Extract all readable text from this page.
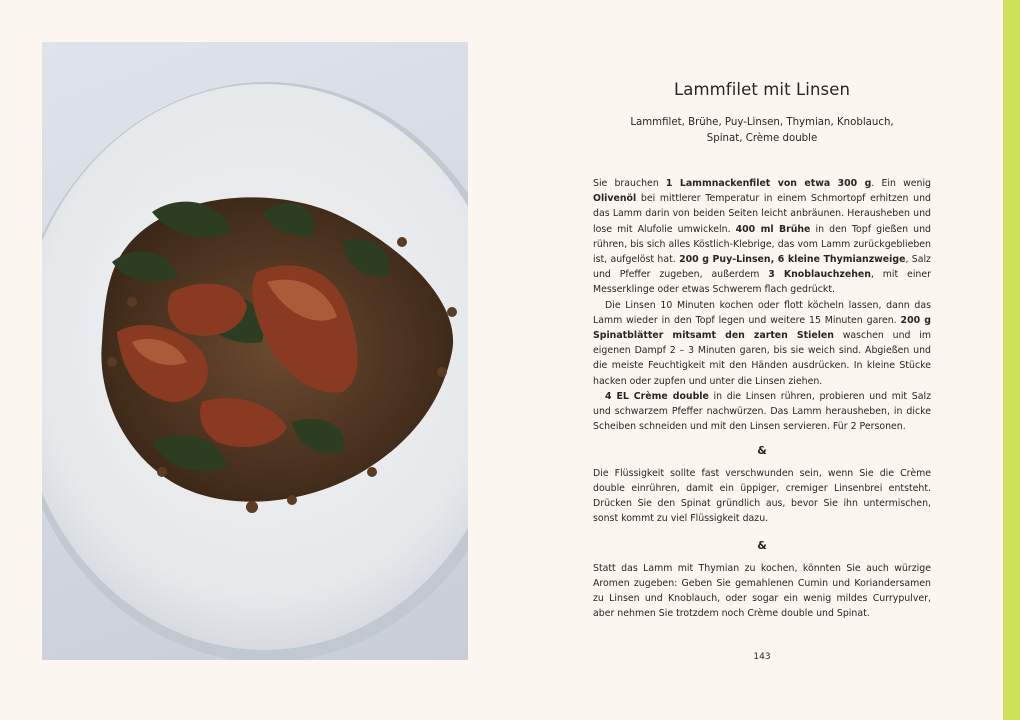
Lammfilet mit Linsen
Lammfilet, Brühe, Puy-Linsen, Thymian, Knoblauch,
Spinat, Crème double

Sie brauchen 1 Lammnackenfilet von etwa 300 g. Ein wenig Olivenöl bei mittlerer Temperatur in einem Schmortopf erhitzen und das Lamm darin von beiden Seiten leicht anbräunen. Herausheben und lose mit Alufolie umwickeln. 400 ml Brühe in den Topf gießen und rühren, bis sich alles Köstlich-Klebrige, das vom Lamm zurückgeblieben ist, aufgelöst hat. 200 g Puy-Linsen, 6 kleine Thymianzweige, Salz und Pfeffer zugeben, außerdem 3 Knoblauchzehen, mit einer Messerklinge oder etwas Schwerem flach gedrückt.

Die Linsen 10 Minuten kochen oder flott köcheln lassen, dann das Lamm wieder in den Topf legen und weitere 15 Minuten garen. 200 g Spinatblätter mitsamt den zarten Stielen waschen und im eigenen Dampf 2 – 3 Minuten garen, bis sie weich sind. Abgießen und die meiste Feuchtigkeit mit den Händen ausdrücken. In kleine Stücke hacken oder zupfen und unter die Linsen ziehen.

4 EL Crème double in die Linsen rühren, probieren und mit Salz und schwarzem Pfeffer nachwürzen. Das Lamm herausheben, in dicke Scheiben schneiden und mit den Linsen servieren. Für 2 Personen.

&

Die Flüssigkeit sollte fast verschwunden sein, wenn Sie die Crème double einrühren, damit ein üppiger, cremiger Linsenbrei entsteht. Drücken Sie den Spinat gründlich aus, bevor Sie ihn untermischen, sonst kommt zu viel Flüssigkeit dazu.

&

Statt das Lamm mit Thymian zu kochen, könnten Sie auch würzige Aromen zugeben: Geben Sie gemahlenen Cumin und Koriandersamen zu Linsen und Knoblauch, oder sogar ein wenig mildes Currypulver, aber nehmen Sie trotzdem noch Crème double und Spinat.

143
